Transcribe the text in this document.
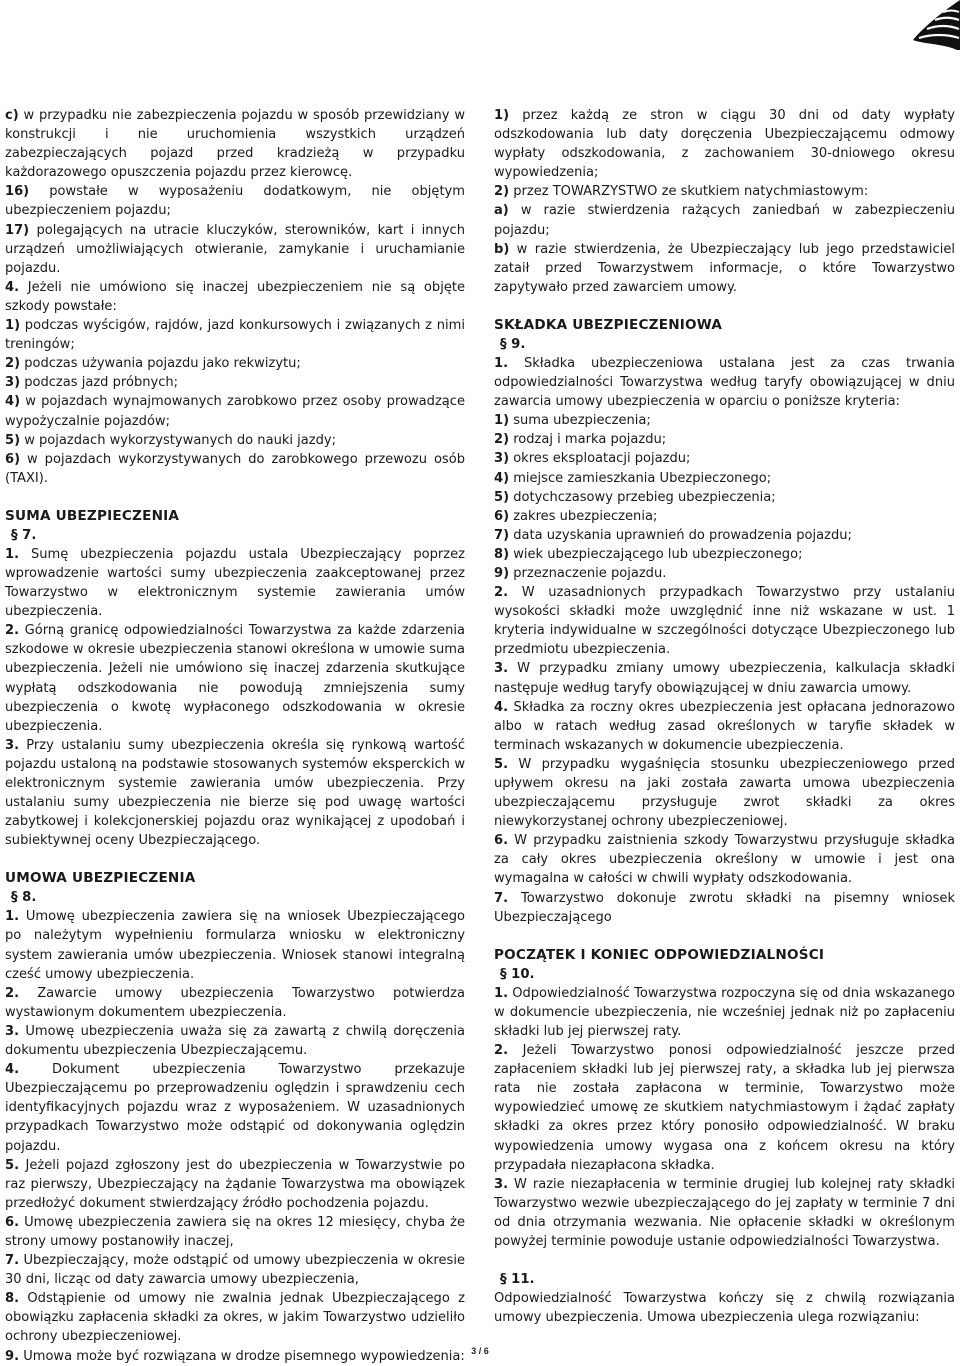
c) w przypadku nie zabezpieczenia pojazdu w sposób przewidziany w konstrukcji i nie uruchomienia wszystkich urządzeń zabezpieczających pojazd przed kradzieżą w przypadku każdorazowego opuszczenia pojazdu przez kierowcę.

16) powstałe w wyposażeniu dodatkowym, nie objętym ubezpieczeniem pojazdu;

17) polegających na utracie kluczyków, sterowników, kart i innych urządzeń umożliwiających otwieranie, zamykanie i uruchamianie pojazdu.

4. Jeżeli nie umówiono się inaczej ubezpieczeniem nie są objęte szkody powstałe:

1) podczas wyścigów, rajdów, jazd konkursowych i związanych z nimi treningów;

2) podczas używania pojazdu jako rekwizytu;

3) podczas jazd próbnych;

4) w pojazdach wynajmowanych zarobkowo przez osoby prowadzące wypożyczalnie pojazdów;

5) w pojazdach wykorzystywanych do nauki jazdy;

6) w pojazdach wykorzystywanych do zarobkowego przewozu osób (TAXI).

SUMA UBEZPIECZENIA

§ 7.

1. Sumę ubezpieczenia pojazdu ustala Ubezpieczający poprzez wprowadzenie wartości sumy ubezpieczenia zaakceptowanej przez Towarzystwo w elektronicznym systemie zawierania umów ubezpieczenia.

2. Górną granicę odpowiedzialności Towarzystwa za każde zdarzenia szkodowe w okresie ubezpieczenia stanowi określona w umowie suma ubezpieczenia. Jeżeli nie umówiono się inaczej zdarzenia skutkujące wypłatą odszkodowania nie powodują zmniejszenia sumy ubezpieczenia o kwotę wypłaconego odszkodowania w okresie ubezpieczenia.

3. Przy ustalaniu sumy ubezpieczenia określa się rynkową wartość pojazdu ustaloną na podstawie stosowanych systemów eksperckich w elektronicznym systemie zawierania umów ubezpieczenia. Przy ustalaniu sumy ubezpieczenia nie bierze się pod uwagę wartości zabytkowej i kolekcjonerskiej pojazdu oraz wynikającej z upodobań i subiektywnej oceny Ubezpieczającego.

UMOWA UBEZPIECZENIA

§ 8.

1. Umowę ubezpieczenia zawiera się na wniosek Ubezpieczającego po należytym wypełnieniu formularza wniosku w elektroniczny system zawierania umów ubezpieczenia. Wniosek stanowi integralną cześć umowy ubezpieczenia.

2. Zawarcie umowy ubezpieczenia Towarzystwo potwierdza wystawionym dokumentem ubezpieczenia.

3. Umowę ubezpieczenia uważa się za zawartą z chwilą doręczenia dokumentu ubezpieczenia Ubezpieczającemu.

4. Dokument ubezpieczenia Towarzystwo przekazuje Ubezpieczającemu po przeprowadzeniu oględzin i sprawdzeniu cech identyfikacyjnych pojazdu wraz z wyposażeniem. W uzasadnionych przypadkach Towarzystwo może odstąpić od dokonywania oględzin pojazdu.

5. Jeżeli pojazd zgłoszony jest do ubezpieczenia w Towarzystwie po raz pierwszy, Ubezpieczający na żądanie Towarzystwa ma obowiązek przedłożyć dokument stwierdzający źródło pochodzenia pojazdu.

6. Umowę ubezpieczenia zawiera się na okres 12 miesięcy, chyba że strony umowy postanowiły inaczej,

7. Ubezpieczający, może odstąpić od umowy ubezpieczenia w okresie 30 dni, licząc od daty zawarcia umowy ubezpieczenia,

8. Odstąpienie od umowy nie zwalnia jednak Ubezpieczającego z obowiązku zapłacenia składki za okres, w jakim Towarzystwo udzieliło ochrony ubezpieczeniowej.

9. Umowa może być rozwiązana w drodze pisemnego wypowiedzenia:

1) przez każdą ze stron w ciągu 30 dni od daty wypłaty odszkodowania lub daty doręczenia Ubezpieczającemu odmowy wypłaty odszkodowania, z zachowaniem 30-dniowego okresu wypowiedzenia;

2) przez TOWARZYSTWO ze skutkiem natychmiastowym:

a) w razie stwierdzenia rażących zaniedbań w zabezpieczeniu pojazdu;

b) w razie stwierdzenia, że Ubezpieczający lub jego przedstawiciel zataił przed Towarzystwem informacje, o które Towarzystwo zapytywało przed zawarciem umowy.

SKŁADKA UBEZPIECZENIOWA

§ 9.

1. Składka ubezpieczeniowa ustalana jest za czas trwania odpowiedzialności Towarzystwa według taryfy obowiązującej w dniu zawarcia umowy ubezpieczenia w oparciu o poniższe kryteria:

1) suma ubezpieczenia;

2) rodzaj i marka pojazdu;

3) okres eksploatacji pojazdu;

4) miejsce zamieszkania Ubezpieczonego;

5) dotychczasowy przebieg ubezpieczenia;

6) zakres ubezpieczenia;

7) data uzyskania uprawnień do prowadzenia pojazdu;

8) wiek ubezpieczającego lub ubezpieczonego;

9) przeznaczenie pojazdu.

2. W uzasadnionych przypadkach Towarzystwo przy ustalaniu wysokości składki może uwzględnić inne niż wskazane w ust. 1 kryteria indywidualne w szczególności dotyczące Ubezpieczonego lub przedmiotu ubezpieczenia.

3. W przypadku zmiany umowy ubezpieczenia, kalkulacja składki następuje według taryfy obowiązującej w dniu zawarcia umowy.

4. Składka za roczny okres ubezpieczenia jest opłacana jednorazowo albo w ratach według zasad określonych w taryfie składek w terminach wskazanych w dokumencie ubezpieczenia.

5. W przypadku wygaśnięcia stosunku ubezpieczeniowego przed upływem okresu na jaki została zawarta umowa ubezpieczenia ubezpieczającemu przysługuje zwrot składki za okres niewykorzystanej ochrony ubezpieczeniowej.

6. W przypadku zaistnienia szkody Towarzystwu przysługuje składka za cały okres ubezpieczenia określony w umowie i jest ona wymagalna w całości w chwili wypłaty odszkodowania.

7. Towarzystwo dokonuje zwrotu składki na pisemny wniosek Ubezpieczającego

POCZĄTEK I KONIEC ODPOWIEDZIALNOŚCI

§ 10.

1. Odpowiedzialność Towarzystwa rozpoczyna się od dnia wskazanego w dokumencie ubezpieczenia, nie wcześniej jednak niż po zapłaceniu składki lub jej pierwszej raty.

2. Jeżeli Towarzystwo ponosi odpowiedzialność jeszcze przed zapłaceniem składki lub jej pierwszej raty, a składka lub jej pierwsza rata nie została zapłacona w terminie, Towarzystwo może wypowiedzieć umowę ze skutkiem natychmiastowym i żądać zapłaty składki za okres przez który ponosiło odpowiedzialność. W braku wypowiedzenia umowy wygasa ona z końcem okresu na który przypadała niezapłacona składka.

3. W razie niezapłacenia w terminie drugiej lub kolejnej raty składki Towarzystwo wezwie ubezpieczającego do jej zapłaty w terminie 7 dni od dnia otrzymania wezwania. Nie opłacenie składki w określonym powyżej terminie powoduje ustanie odpowiedzialności Towarzystwa.

§ 11.

Odpowiedzialność Towarzystwa kończy się z chwilą rozwiązania umowy ubezpieczenia. Umowa ubezpieczenia ulega rozwiązaniu:

3 / 6
